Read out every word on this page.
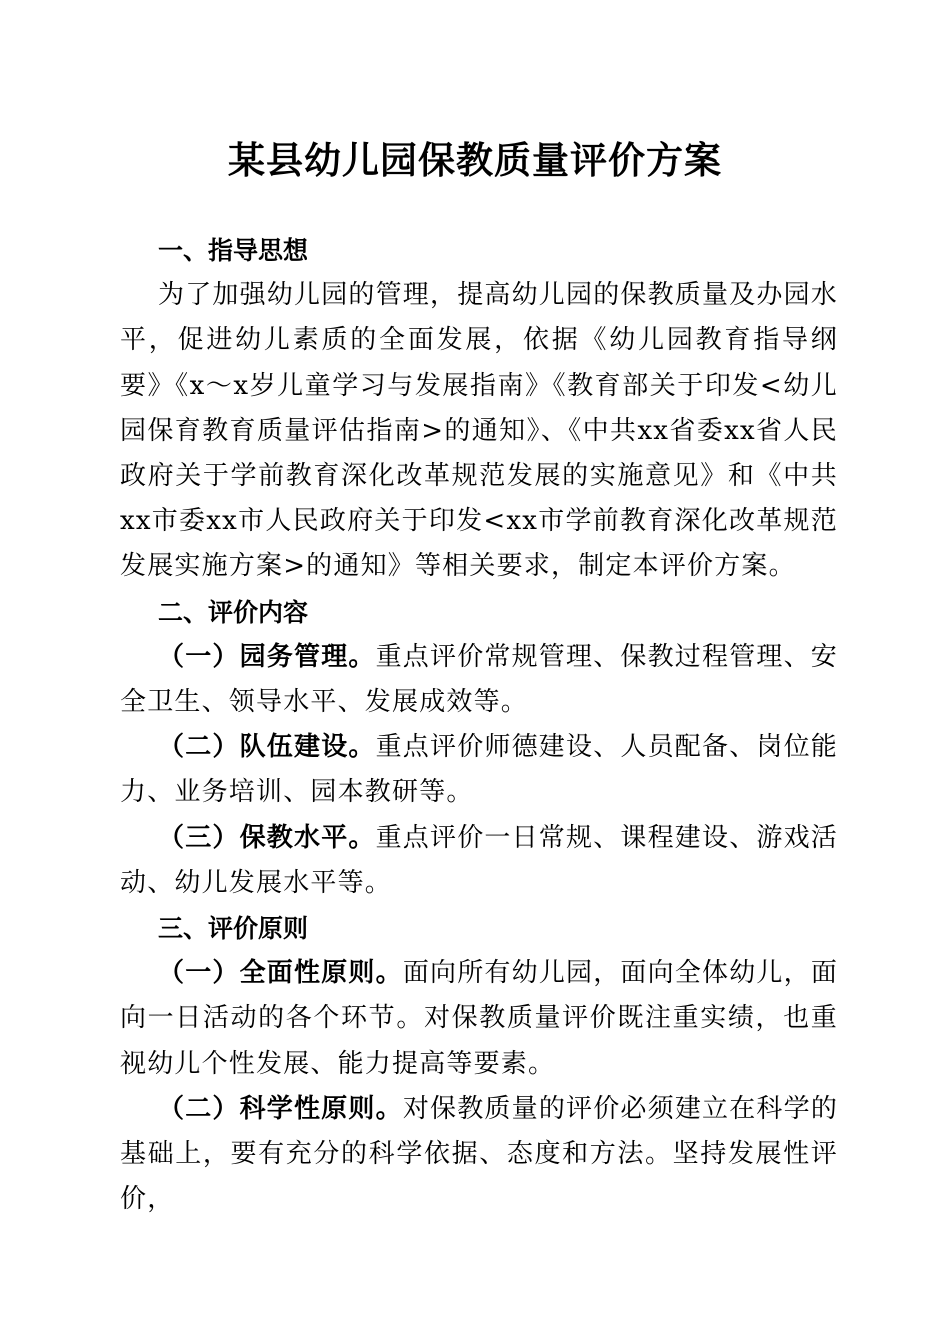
某县幼儿园保教质量评价方案
一、指导思想

为了加强幼儿园的管理，提高幼儿园的保教质量及办园水平，促进幼儿素质的全面发展，依据《幼儿园教育指导纲要》《x～x岁儿童学习与发展指南》《教育部关于印发<幼儿园保育教育质量评估指南>的通知》、《中共xx省委xx省人民政府关于学前教育深化改革规范发展的实施意见》和《中共xx市委xx市人民政府关于印发<xx市学前教育深化改革规范发展实施方案>的通知》等相关要求，制定本评价方案。

二、评价内容

（一）园务管理。重点评价常规管理、保教过程管理、安全卫生、领导水平、发展成效等。

（二）队伍建设。重点评价师德建设、人员配备、岗位能力、业务培训、园本教研等。

（三）保教水平。重点评价一日常规、课程建设、游戏活动、幼儿发展水平等。

三、评价原则

（一）全面性原则。面向所有幼儿园，面向全体幼儿，面向一日活动的各个环节。对保教质量评价既注重实绩，也重视幼儿个性发展、能力提高等要素。

（二）科学性原则。对保教质量的评价必须建立在科学的基础上，要有充分的科学依据、态度和方法。坚持发展性评价，
